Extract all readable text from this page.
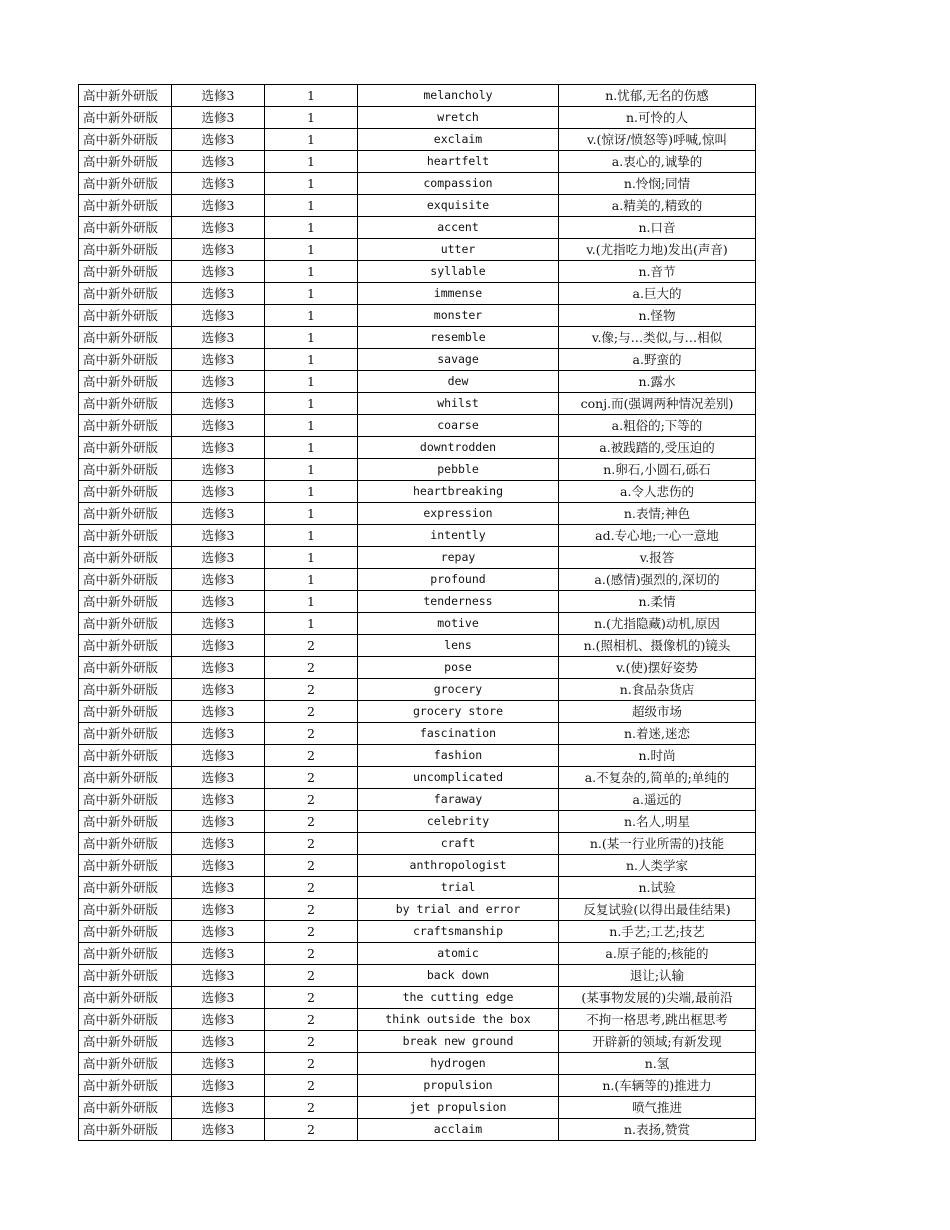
高中新外研版	选修3	1	melancholy	n.忧郁,无名的伤感
高中新外研版	选修3	1	wretch	n.可怜的人
高中新外研版	选修3	1	exclaim	v.(惊讶/愤怒等)呼喊,惊叫
高中新外研版	选修3	1	heartfelt	a.衷心的,诚挚的
高中新外研版	选修3	1	compassion	n.怜悯;同情
高中新外研版	选修3	1	exquisite	a.精美的,精致的
高中新外研版	选修3	1	accent	n.口音
高中新外研版	选修3	1	utter	v.(尤指吃力地)发出(声音)
高中新外研版	选修3	1	syllable	n.音节
高中新外研版	选修3	1	immense	a.巨大的
高中新外研版	选修3	1	monster	n.怪物
高中新外研版	选修3	1	resemble	v.像;与…类似,与…相似
高中新外研版	选修3	1	savage	a.野蛮的
高中新外研版	选修3	1	dew	n.露水
高中新外研版	选修3	1	whilst	conj.而(强调两种情况差别)
高中新外研版	选修3	1	coarse	a.粗俗的;下等的
高中新外研版	选修3	1	downtrodden	a.被践踏的,受压迫的
高中新外研版	选修3	1	pebble	n.卵石,小圆石,砾石
高中新外研版	选修3	1	heartbreaking	a.令人悲伤的
高中新外研版	选修3	1	expression	n.表情;神色
高中新外研版	选修3	1	intently	ad.专心地;一心一意地
高中新外研版	选修3	1	repay	v.报答
高中新外研版	选修3	1	profound	a.(感情)强烈的,深切的
高中新外研版	选修3	1	tenderness	n.柔情
高中新外研版	选修3	1	motive	n.(尤指隐藏)动机,原因
高中新外研版	选修3	2	lens	n.(照相机、摄像机的)镜头
高中新外研版	选修3	2	pose	v.(使)摆好姿势
高中新外研版	选修3	2	grocery	n.食品杂货店
高中新外研版	选修3	2	grocery store	超级市场
高中新外研版	选修3	2	fascination	n.着迷,迷恋
高中新外研版	选修3	2	fashion	n.时尚
高中新外研版	选修3	2	uncomplicated	a.不复杂的,简单的;单纯的
高中新外研版	选修3	2	faraway	a.遥远的
高中新外研版	选修3	2	celebrity	n.名人,明星
高中新外研版	选修3	2	craft	n.(某一行业所需的)技能
高中新外研版	选修3	2	anthropologist	n.人类学家
高中新外研版	选修3	2	trial	n.试验
高中新外研版	选修3	2	by trial and error	反复试验(以得出最佳结果)
高中新外研版	选修3	2	craftsmanship	n.手艺;工艺;技艺
高中新外研版	选修3	2	atomic	a.原子能的;核能的
高中新外研版	选修3	2	back down	退让;认输
高中新外研版	选修3	2	the cutting edge	(某事物发展的)尖端,最前沿
高中新外研版	选修3	2	think outside the box	不拘一格思考,跳出框思考
高中新外研版	选修3	2	break new ground	开辟新的领域;有新发现
高中新外研版	选修3	2	hydrogen	n.氢
高中新外研版	选修3	2	propulsion	n.(车辆等的)推进力
高中新外研版	选修3	2	jet propulsion	喷气推进
高中新外研版	选修3	2	acclaim	n.表扬,赞赏
